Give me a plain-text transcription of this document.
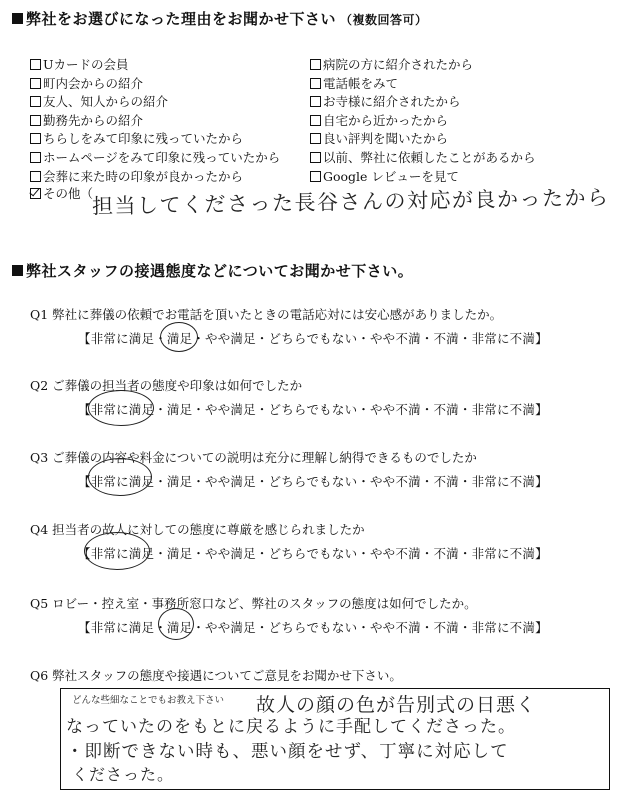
弊社をお選びになった理由をお聞かせ下さい （複数回答可）
Uカードの会員
町内会からの紹介
友人、知人からの紹介
勤務先からの紹介
ちらしをみて印象に残っていたから
ホームページをみて印象に残っていたから
会葬に来た時の印象が良かったから
病院の方に紹介されたから
電話帳をみて
お寺様に紹介されたから
自宅から近かったから
良い評判を聞いたから
以前、弊社に依頼したことがあるから
Google レビューを見て
その他（
担当してくださった長谷さんの対応が良かったから
弊社スタッフの接遇態度などについてお聞かせ下さい。
Q1 弊社に葬儀の依頼でお電話を頂いたときの電話応対には安心感がありましたか。
【非常に満足・満足・やや満足・どちらでもない・やや不満・不満・非常に不満】
Q2 ご葬儀の担当者の態度や印象は如何でしたか
【非常に満足・満足・やや満足・どちらでもない・やや不満・不満・非常に不満】
Q3 ご葬儀の内容や料金についての説明は充分に理解し納得できるものでしたか
【非常に満足・満足・やや満足・どちらでもない・やや不満・不満・非常に不満】
Q4 担当者の故人に対しての態度に尊厳を感じられましたか
【非常に満足・満足・やや満足・どちらでもない・やや不満・不満・非常に不満】
Q5 ロビー・控え室・事務所窓口など、弊社のスタッフの態度は如何でしたか。
【非常に満足・満足・やや満足・どちらでもない・やや不満・不満・非常に不満】
Q6 弊社スタッフの態度や接遇についてご意見をお聞かせ下さい。
どんな些細なことでもお教え下さい 故人の顔の色が告別式の日悪く
なっていたのをもとに戻るように手配してくださった。
・即断できない時も、悪い顔をせず、丁寧に対応して
くださった。
